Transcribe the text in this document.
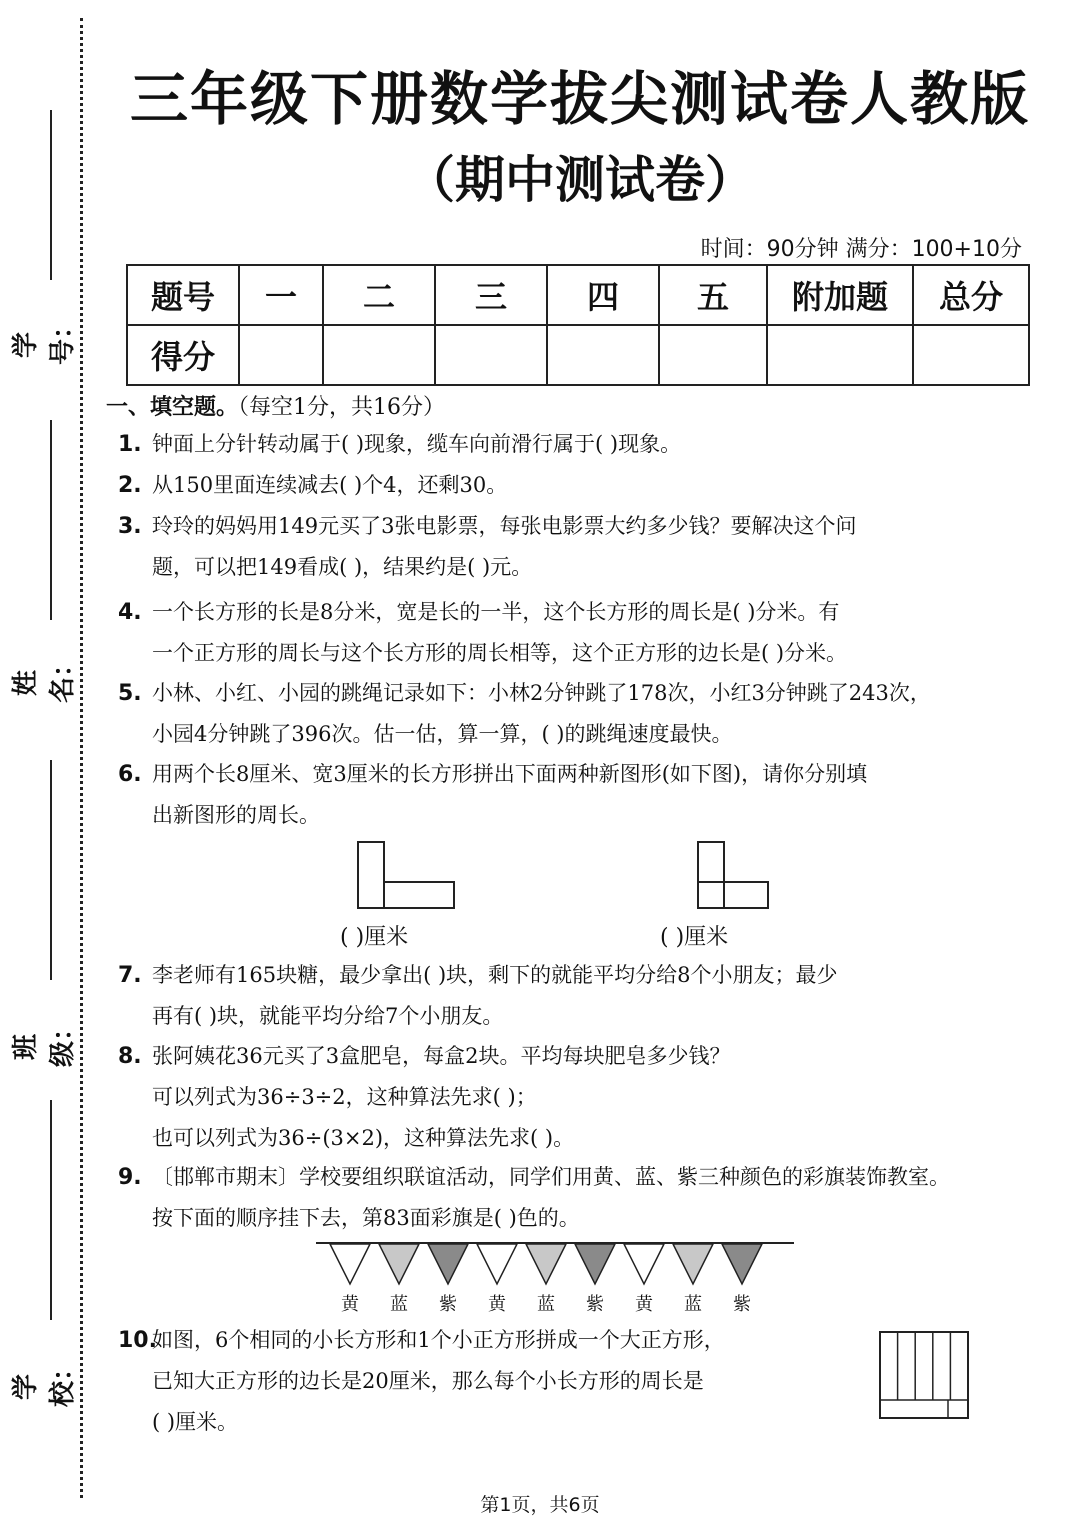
学号：
姓名：
班级：
学校：
三年级下册数学拔尖测试卷人教版
（期中测试卷）
时间：90分钟 满分：100+10分
题号	一	二	三	四	五	附加题	总分
得分							
一、填空题。（每空1分，共16分）
1. 钟面上分针转动属于( )现象，缆车向前滑行属于( )现象。
2. 从150里面连续减去( )个4，还剩30。
3. 玲玲的妈妈用149元买了3张电影票，每张电影票大约多少钱？要解决这个问
题，可以把149看成( )，结果约是( )元。
4. 一个长方形的长是8分米，宽是长的一半，这个长方形的周长是( )分米。有
一个正方形的周长与这个长方形的周长相等，这个正方形的边长是( )分米。
5. 小林、小红、小园的跳绳记录如下：小林2分钟跳了178次，小红3分钟跳了243次，
小园4分钟跳了396次。估一估，算一算，( )的跳绳速度最快。
6. 用两个长8厘米、宽3厘米的长方形拼出下面两种新图形(如下图)，请你分别填
出新图形的周长。
( )厘米	( )厘米
7. 李老师有165块糖，最少拿出( )块，剩下的就能平均分给8个小朋友；最少
再有( )块，就能平均分给7个小朋友。
8. 张阿姨花36元买了3盒肥皂，每盒2块。平均每块肥皂多少钱？
可以列式为36÷3÷2，这种算法先求( )；
也可以列式为36÷(3×2)，这种算法先求( )。
9. 〔邯郸市期末〕学校要组织联谊活动，同学们用黄、蓝、紫三种颜色的彩旗装饰教室。
按下面的顺序挂下去，第83面彩旗是( )色的。
黄	蓝	紫	黄	蓝	紫	黄	蓝	紫
10.如图，6个相同的小长方形和1个小正方形拼成一个大正方形，
已知大正方形的边长是20厘米，那么每个小长方形的周长是
( )厘米。
第1页，共6页
